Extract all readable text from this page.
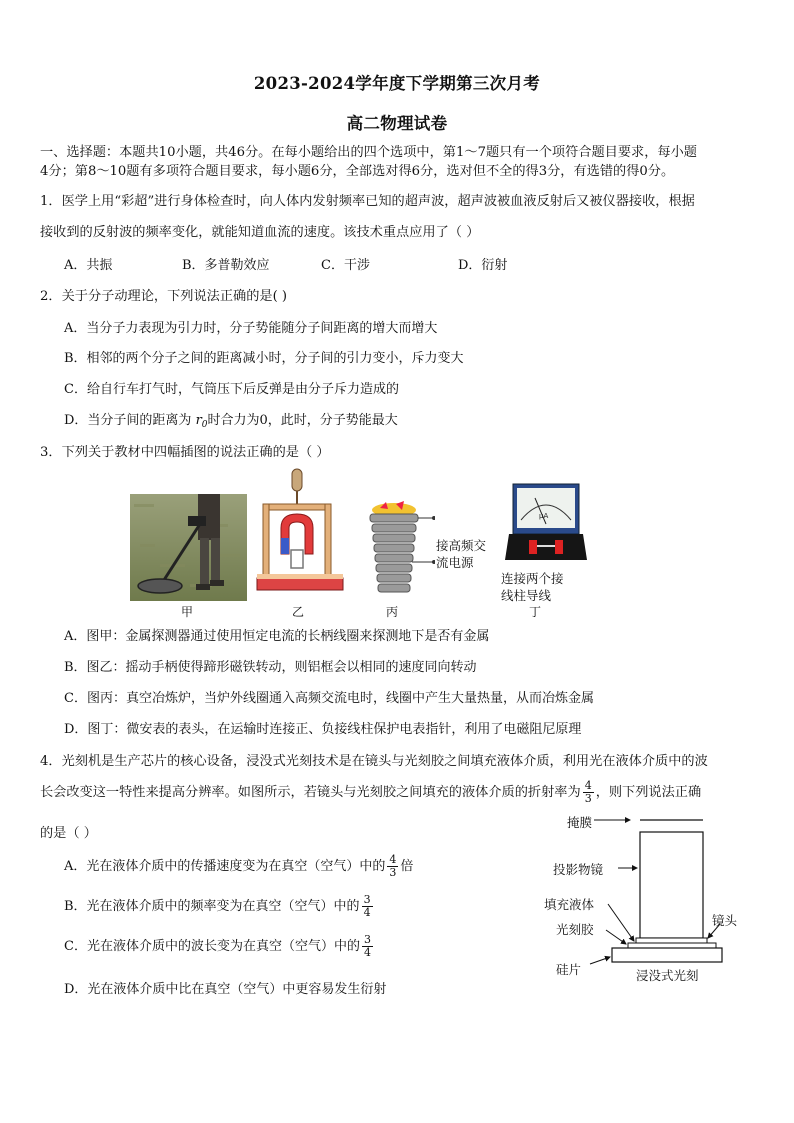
2023-2024学年度下学期第三次月考
高二物理试卷
一、选择题：本题共10小题，共46分。在每小题给出的四个选项中，第1～7题只有一个项符合题目要求，每小题
4分；第8～10题有多项符合题目要求，每小题6分，全部选对得6分，选对但不全的得3分，有选错的得0分。
1．医学上用“彩超”进行身体检查时，向人体内发射频率已知的超声波，超声波被血液反射后又被仪器接收，根据
接收到的反射波的频率变化，就能知道血流的速度。该技术重点应用了（ ）
A．共振	B．多普勒效应	C．干涉	D．衍射
2．关于分子动理论，下列说法正确的是( )
A．当分子力表现为引力时，分子势能随分子间距离的增大而增大
B．相邻的两个分子之间的距离减小时，分子间的引力变小，斥力变大
C．给自行车打气时，气筒压下后反弹是由分子斥力造成的
D．当分子间的距离为 $r_0$时合力为0，此时，分子势能最大
3．下列关于教材中四幅插图的说法正确的是（ ）
甲	乙
接高频交
流电源
丙
μA
连接两个接
线柱导线
丁
A．图甲：金属探测器通过使用恒定电流的长柄线圈来探测地下是否有金属
B．图乙：摇动手柄使得蹄形磁铁转动，则铝框会以相同的速度同向转动
C．图丙：真空冶炼炉，当炉外线圈通入高频交流电时，线圈中产生大量热量，从而冶炼金属
D．图丁：微安表的表头，在运输时连接正、负接线柱保护电表指针，利用了电磁阻尼原理
4．光刻机是生产芯片的核心设备，浸没式光刻技术是在镜头与光刻胶之间填充液体介质，利用光在液体介质中的波
长会改变这一特性来提高分辨率。如图所示，若镜头与光刻胶之间填充的液体介质的折射率为 $\frac{4}{3}$ ，则下列说法正确
的是（ ）
A．光在液体介质中的传播速度变为在真空（空气）中的 $\frac{4}{3}$ 倍
B．光在液体介质中的频率变为在真空（空气）中的 $\frac{3}{4}$
C．光在液体介质中的波长变为在真空（空气）中的 $\frac{3}{4}$
D．光在液体介质中比在真空（空气）中更容易发生衍射
掩膜
投影物镜
填充液体
镜头
光刻胶
硅片	浸没式光刻
